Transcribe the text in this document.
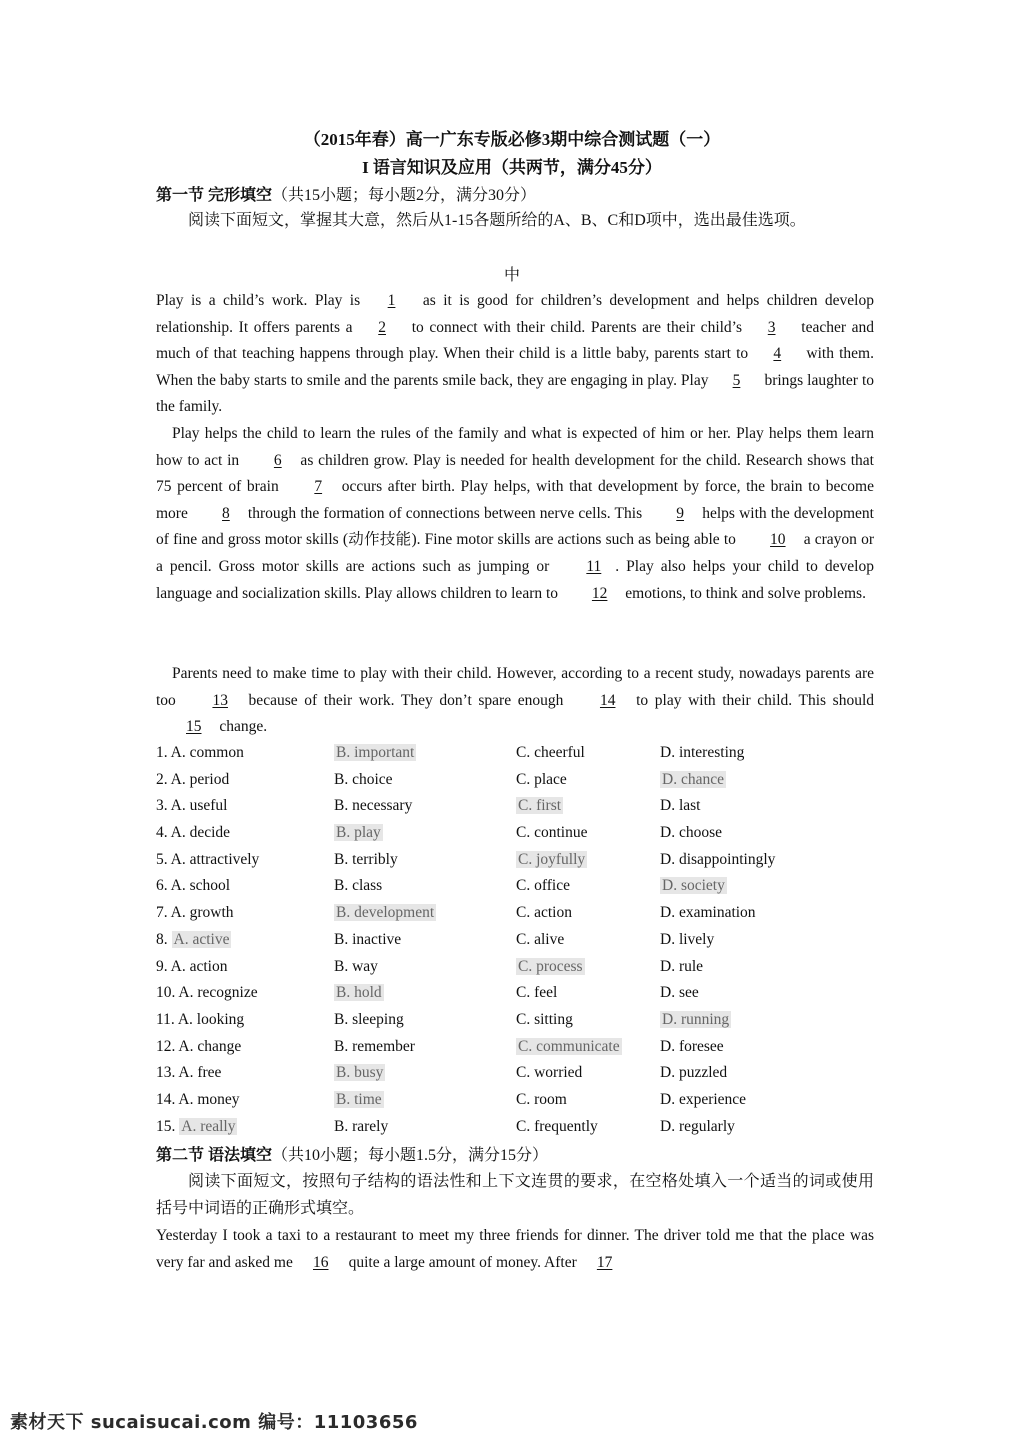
（2015年春）高一广东专版必修3期中综合测试题（一）
I 语言知识及应用（共两节，满分45分）
第一节 完形填空（共15小题；每小题2分，满分30分）
阅读下面短文，掌握其大意，然后从1-15各题所给的A、B、C和D项中，选出最佳选项。
中
Play is a child’s work. Play is 1 as it is good for children’s development and helps children develop relationship. It offers parents a 2 to connect with their child. Parents are their child’s 3 teacher and much of that teaching happens through play. When their child is a little baby, parents start to 4 with them. When the baby starts to smile and the parents smile back, they are engaging in play. Play 5 brings laughter to the family.
Play helps the child to learn the rules of the family and what is expected of him or her. Play helps them learn how to act in 6 as children grow. Play is needed for health development for the child. Research shows that 75 percent of brain 7 occurs after birth. Play helps, with that development by force, the brain to become more 8 through the formation of connections between nerve cells. This 9 helps with the development of fine and gross motor skills (动作技能). Fine motor skills are actions such as being able to 10 a crayon or a pencil. Gross motor skills are actions such as jumping or 11 . Play also helps your child to develop language and socialization skills. Play allows children to learn to 12 emotions, to think and solve problems.
Parents need to make time to play with their child. However, according to a recent study, nowadays parents are too 13 because of their work. They don’t spare enough 14 to play with their child. This should 15 change.
1. A. common	B. important	C. cheerful	D. interesting
2. A. period	B. choice	C. place	D. chance
3. A. useful	B. necessary	C. first	D. last
4. A. decide	B. play	C. continue	D. choose
5. A. attractively	B. terribly	C. joyfully	D. disappointingly
6. A. school	B. class	C. office	D. society
7. A. growth	B. development	C. action	D. examination
8. A. active	B. inactive	C. alive	D. lively
9. A. action	B. way	C. process	D. rule
10. A. recognize	B. hold	C. feel	D. see
11. A. looking	B. sleeping	C. sitting	D. running
12. A. change	B. remember	C. communicate	D. foresee
13. A. free	B. busy	C. worried	D. puzzled
14. A. money	B. time	C. room	D. experience
15. A. really	B. rarely	C. frequently	D. regularly
第二节 语法填空（共10小题；每小题1.5分，满分15分）
阅读下面短文，按照句子结构的语法性和上下文连贯的要求，在空格处填入一个适当的词或使用括号中词语的正确形式填空。
Yesterday I took a taxi to a restaurant to meet my three friends for dinner. The driver told me that the place was very far and asked me 16 quite a large amount of money. After 17
素材天下 sucaisucai.com 编号：11103656
